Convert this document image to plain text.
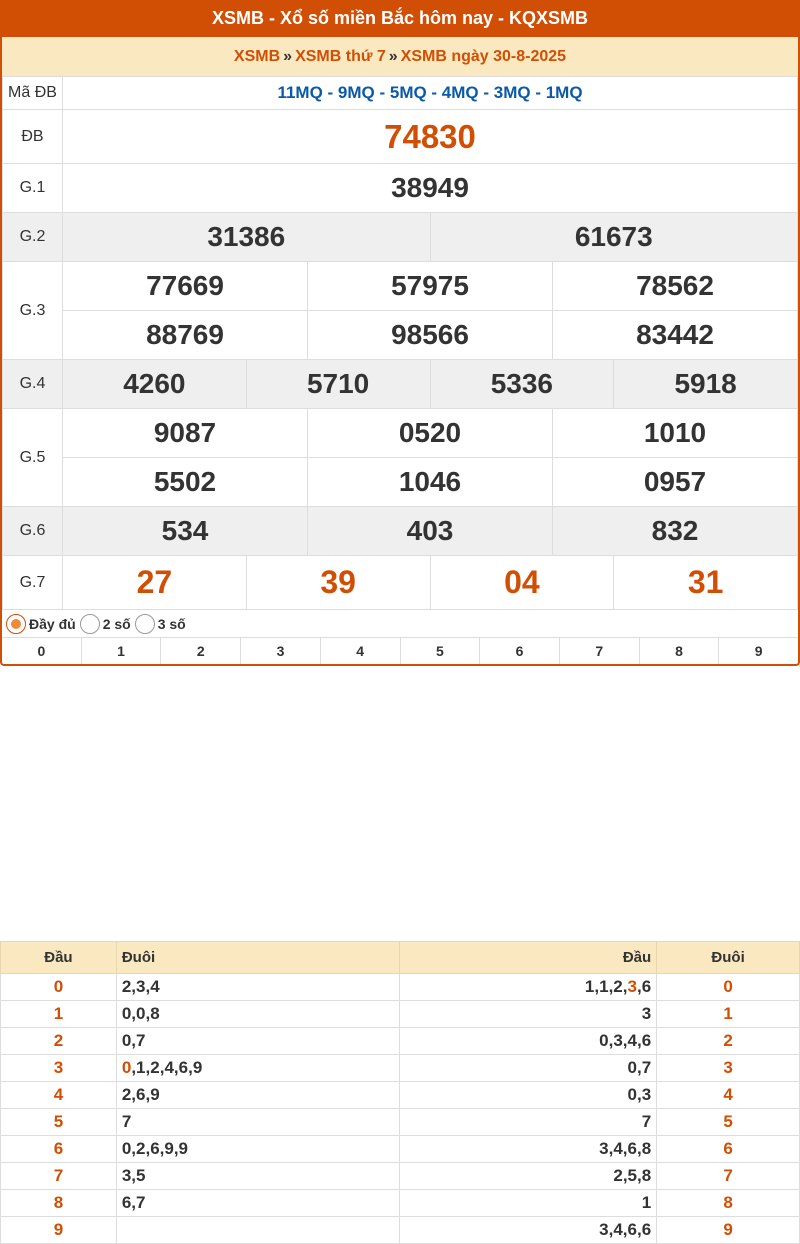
XSMB - Xổ số miền Bắc hôm nay - KQXSMB
XSMB » XSMB thứ 7 » XSMB ngày 30-8-2025
Mã ĐB	11MQ - 9MQ - 5MQ - 4MQ - 3MQ - 1MQ					
ĐB	74830					
G.1	38949					
G.2	31386			61673		
G.3	77669		57975		78562	
	88769		98566		83442	
G.4	4260	5710		5336		5918
G.5	9087		0520		1010	
	5502		1046		0957	
G.6	534		403		832	
G.7	27	39		04		31
Đầy đủ 2 số 3 số
0	1	2	3	4	5	6	7	8	9
Đầu	Đuôi	Đầu	Đuôi
0	2,3,4	1,1,2,3,6	0
1	0,0,8	3	1
2	0,7	0,3,4,6	2
3	0,1,2,4,6,9	0,7	3
4	2,6,9	0,3	4
5	7	7	5
6	0,2,6,9,9	3,4,6,8	6
7	3,5	2,5,8	7
8	6,7	1	8
9		3,4,6,6	9
